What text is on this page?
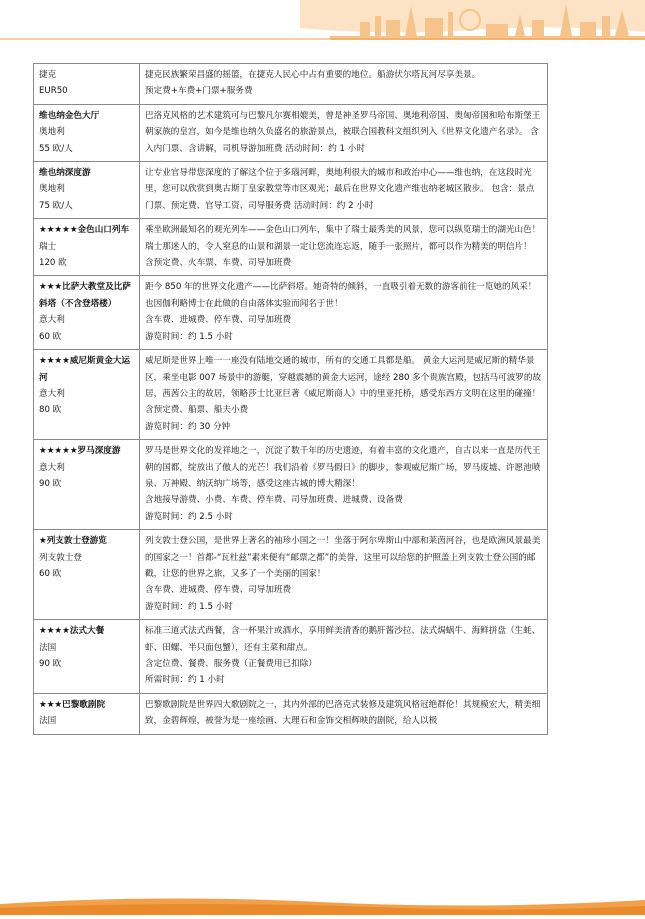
捷克
EUR50	捷克民族繁荣昌盛的摇篮，在捷克人民心中占有重要的地位。船游伏尔塔瓦河尽享美景。
预定费+车费+门票+服务费

维也纳金色大厅
奥地利
55 欧/人	巴洛克风格的艺术建筑可与巴黎凡尔赛相媲美，曾是神圣罗马帝国、奥地利帝国、奥匈帝国和哈布斯堡王朝家族的皇宫，如今是维也纳久负盛名的旅游景点，被联合国教科文组织列入《世界文化遗产名录》。 含入内门票、含讲解，司机导游加班费 活动时间：约 1 小时

维也纳深度游
奥地利
75 欧/人	让专业官导带您深度的了解这个位于多瑙河畔，奥地利很大的城市和政治中心——维也纳，在这段时光里，您可以欣赏到奥古斯丁皇家教堂等市区观光；最后在世界文化遗产维也纳老城区散步。 包含：景点门票、预定费、官导工资、司导服务费 活动时间：约 2 小时

★★★★★金色山口列车
瑞士
120 欧	乘坐欧洲最知名的观光列车——金色山口列车，集中了瑞士最秀美的风景，您可以纵览瑞士的湖光山色！瑞士那迷人的，令人窒息的山景和湖景一定让您流连忘返，随手一张照片，都可以作为精美的明信片！
含预定费、火车票、车费、司导加班费

★★★比萨大教堂及比萨斜塔（不含登塔楼）
意大利
60 欧	距今 850 年的世界文化遗产——比萨斜塔。她奇特的倾斜，一直吸引着无数的游客前往一览她的风采！也因伽利略博士在此做的自由落体实验而闻名于世！
含车费、进城费、停车费、司导加班费
游览时间：约 1.5 小时

★★★★威尼斯黄金大运河
意大利
80 欧	威尼斯是世界上唯一一座没有陆地交通的城市，所有的交通工具都是船。 黄金大运河是威尼斯的精华景区，乘坐电影 007 场景中的游艇，穿越震撼的黄金大运河，途经 280 多个贵族宫殿，包括马可波罗的故居，茜茜公主的故居，领略莎士比亚巨著《威尼斯商人》中的里亚托桥，感受东西方文明在这里的碰撞！
含预定费、船票、船夫小费
游览时间：约 30 分钟

★★★★★罗马深度游
意大利
90 欧	罗马是世界文化的发祥地之一，沉淀了数千年的历史遗迹，有着丰富的文化遗产，自古以来一直是历代王朝的国都，绽放出了傲人的光芒！我们沿着《罗马假日》的脚步，参观威尼斯广场，罗马废墟、许愿池喷泉、万神殿、纳沃纳广场等，感受这座古城的博大精深！
含地接导游费、小费、车费、停车费、司导加班费、进城费、设备费
游览时间：约 2.5 小时

★列支敦士登游览
列支敦士登
60 欧	列支敦士登公国，是世界上著名的袖珍小国之一！坐落于阿尔卑斯山中部和莱茵河谷，也是欧洲风景最美的国家之一！首都-“瓦杜兹”素来便有“邮票之都”的美誉，这里可以给您的护照盖上列支敦士登公国的邮戳，让您的世界之旅，又多了一个美丽的国家！
含车费、进城费、停车费、司导加班费
游览时间：约 1.5 小时

★★★★法式大餐
法国
90 欧	标准三道式法式西餐，含一杯果汁或酒水，享用鲜美清香的鹅肝酱沙拉、法式焗蜗牛、海鲜拼盘（生蚝、虾、田螺、半只面包蟹），还有主菜和甜点。
含定位费、餐费、服务费（正餐费用已扣除）
所需时间：约 1 小时

★★★巴黎歌剧院
法国	巴黎歌剧院是世界四大歌剧院之一，其内外部的巴洛克式装修及建筑风格冠绝群伦！其规模宏大，精美细致，金碧辉煌，被誉为是一座绘画、大理石和金饰交相辉映的剧院，给人以极
